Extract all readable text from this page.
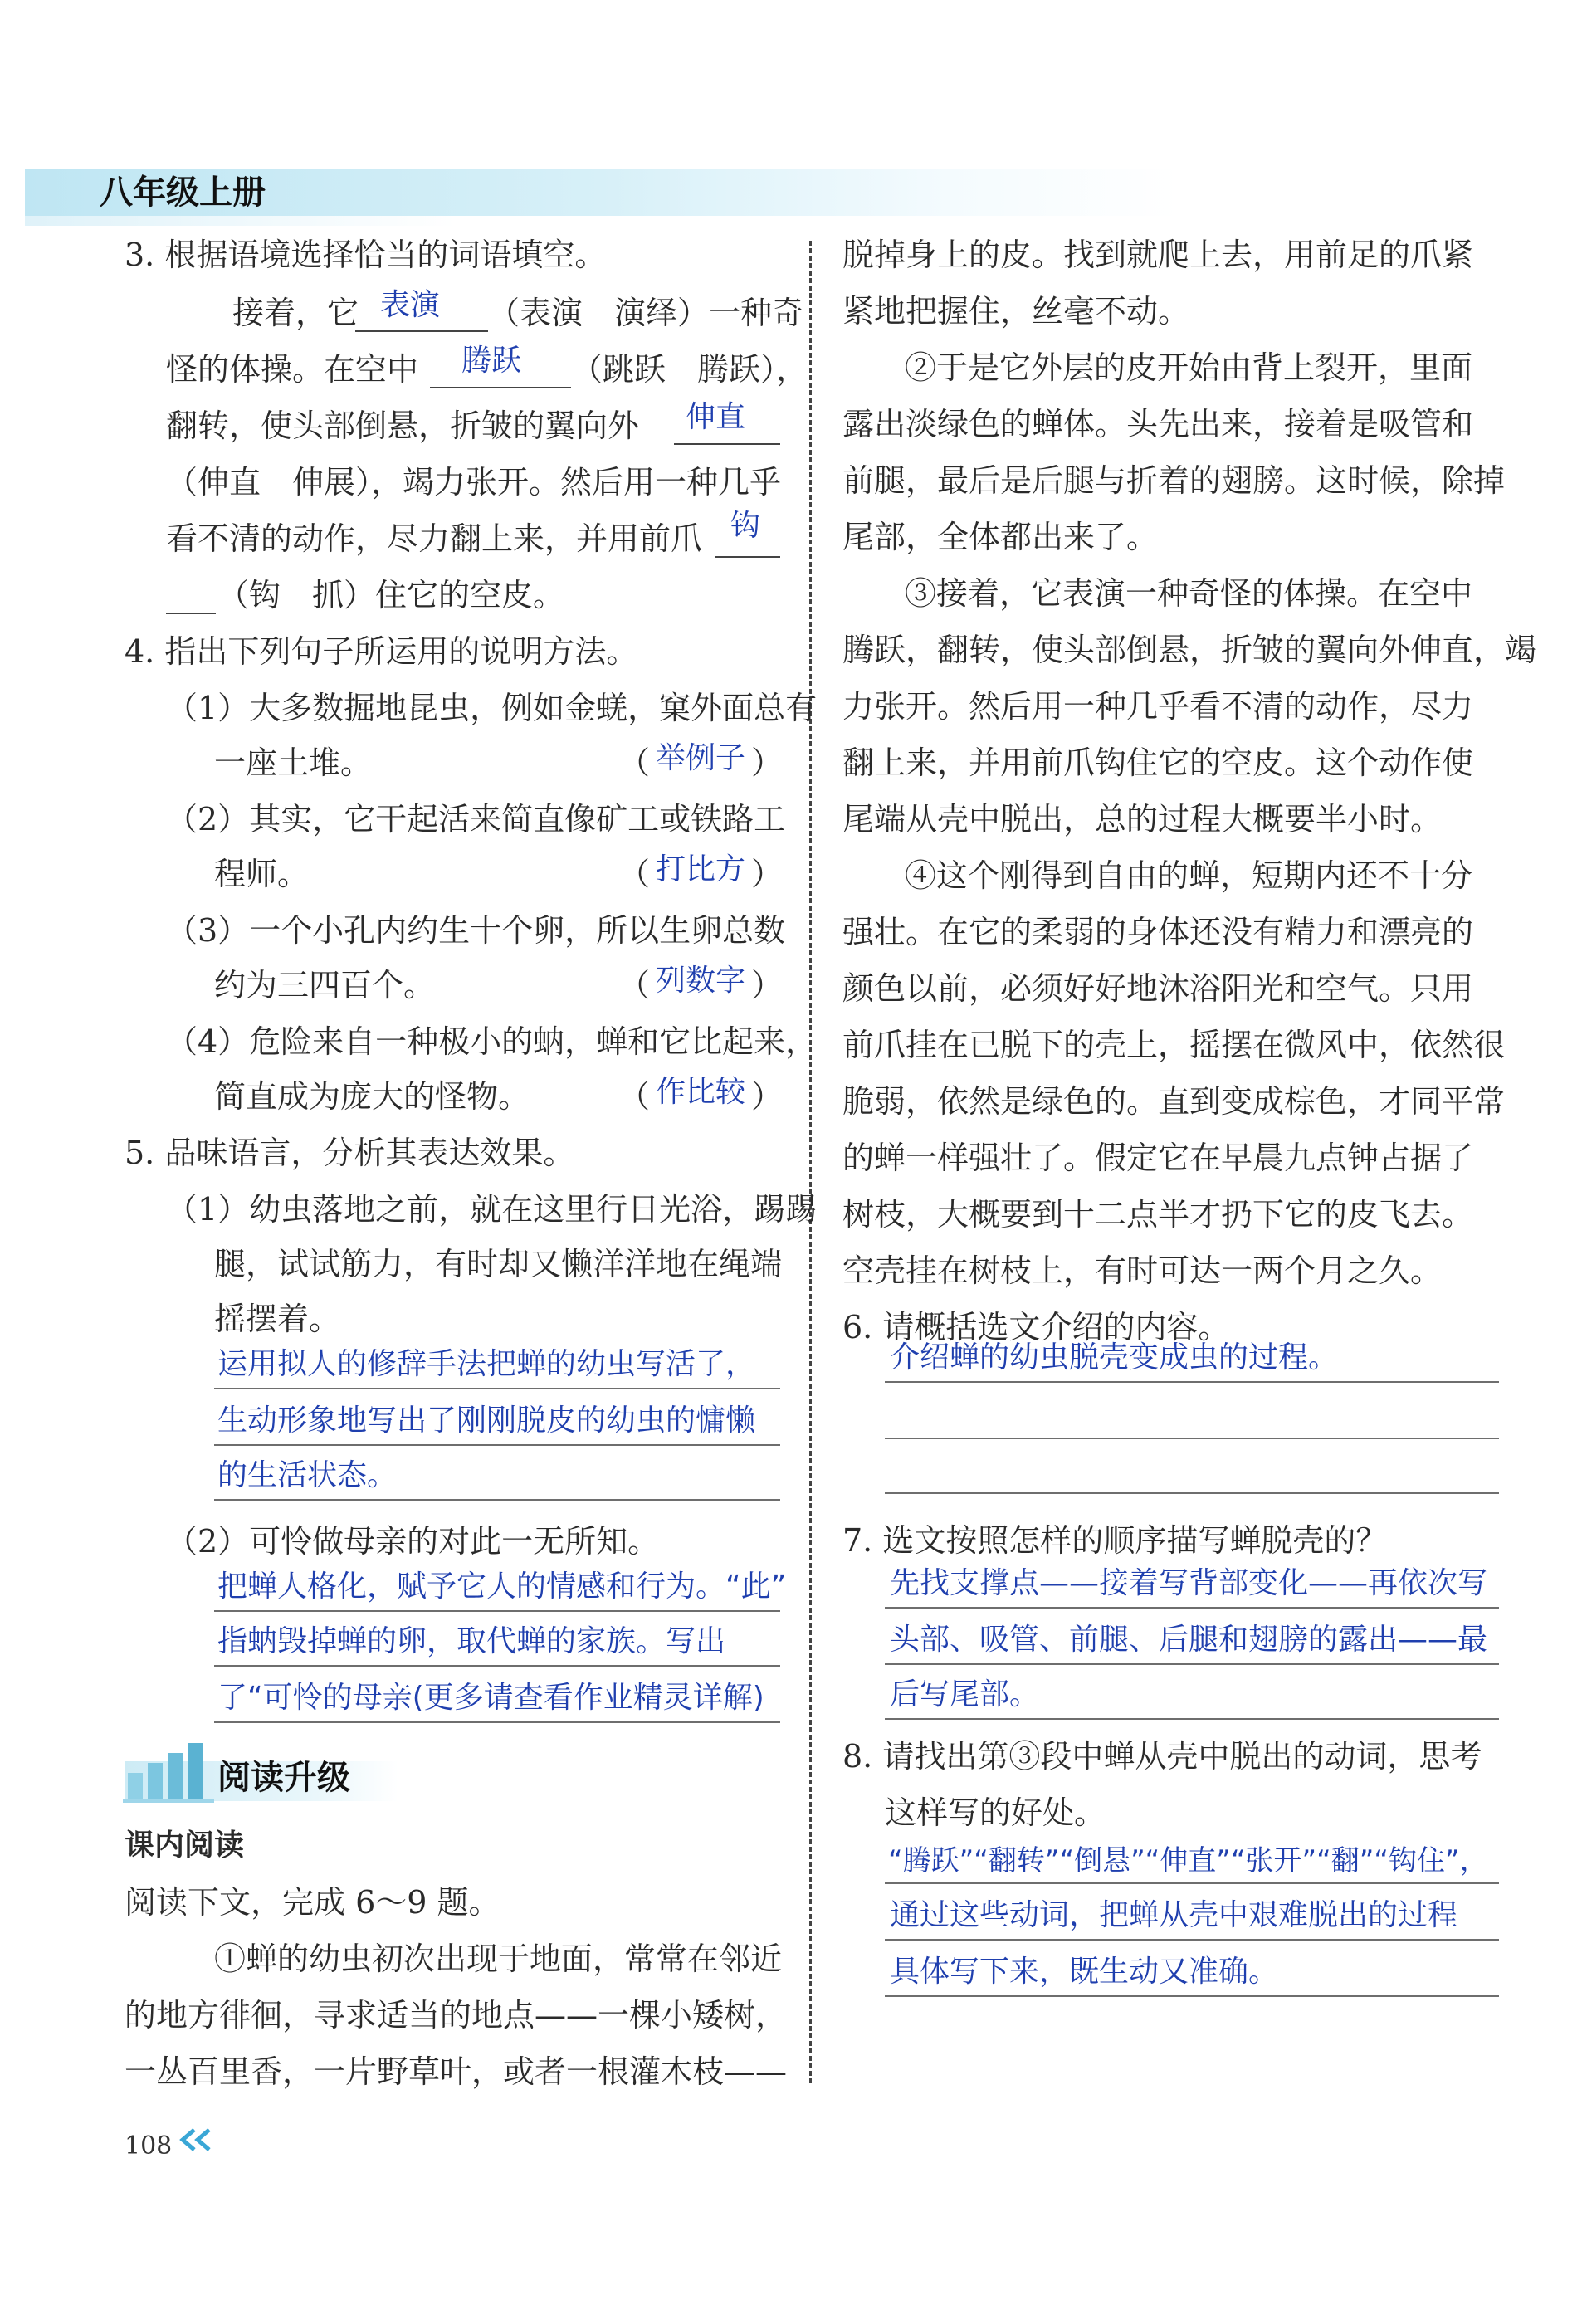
八年级上册
3. 根据语境选择恰当的词语填空。
接着，它 表演 （表演　演绎）一种奇
怪的体操。在空中 腾跃 （跳跃　腾跃），
翻转，使头部倒悬，折皱的翼向外 伸直
（伸直　伸展），竭力张开。然后用一种几乎
看不清的动作，尽力翻上来，并用前爪 钩
（钩　抓）住它的空皮。
4. 指出下列句子所运用的说明方法。
（1）大多数掘地昆虫，例如金蜣，窠外面总有
一座土堆。	（ 举例子 ）
（2）其实，它干起活来简直像矿工或铁路工
程师。	（ 打比方 ）
（3）一个小孔内约生十个卵，所以生卵总数
约为三四百个。	（ 列数字 ）
（4）危险来自一种极小的蚋，蝉和它比起来，
简直成为庞大的怪物。	（ 作比较 ）
5. 品味语言，分析其表达效果。
（1）幼虫落地之前，就在这里行日光浴，踢踢
腿，试试筋力，有时却又懒洋洋地在绳端
摇摆着。
运用拟人的修辞手法把蝉的幼虫写活了，
生动形象地写出了刚刚脱皮的幼虫的慵懒
的生活状态。
（2）可怜做母亲的对此一无所知。
把蝉人格化，赋予它人的情感和行为。“此”
指蚋毁掉蝉的卵，取代蝉的家族。写出
了“可怜的母亲(更多请查看作业精灵详解)
阅读升级
课内阅读
阅读下文，完成 6～9 题。
①蝉的幼虫初次出现于地面，常常在邻近
的地方徘徊，寻求适当的地点——一棵小矮树，
一丛百里香，一片野草叶，或者一根灌木枝——
108
脱掉身上的皮。找到就爬上去，用前足的爪紧
紧地把握住，丝毫不动。
②于是它外层的皮开始由背上裂开，里面
露出淡绿色的蝉体。头先出来，接着是吸管和
前腿，最后是后腿与折着的翅膀。这时候，除掉
尾部，全体都出来了。
③接着，它表演一种奇怪的体操。在空中
腾跃，翻转，使头部倒悬，折皱的翼向外伸直，竭
力张开。然后用一种几乎看不清的动作，尽力
翻上来，并用前爪钩住它的空皮。这个动作使
尾端从壳中脱出，总的过程大概要半小时。
④这个刚得到自由的蝉，短期内还不十分
强壮。在它的柔弱的身体还没有精力和漂亮的
颜色以前，必须好好地沐浴阳光和空气。只用
前爪挂在已脱下的壳上，摇摆在微风中，依然很
脆弱，依然是绿色的。直到变成棕色，才同平常
的蝉一样强壮了。假定它在早晨九点钟占据了
树枝，大概要到十二点半才扔下它的皮飞去。
空壳挂在树枝上，有时可达一两个月之久。
6. 请概括选文介绍的内容。
介绍蝉的幼虫脱壳变成虫的过程。
7. 选文按照怎样的顺序描写蝉脱壳的？
先找支撑点——接着写背部变化——再依次写
头部、吸管、前腿、后腿和翅膀的露出——最
后写尾部。
8. 请找出第③段中蝉从壳中脱出的动词，思考
这样写的好处。
“腾跃”“翻转”“倒悬”“伸直”“张开”“翻”“钩住”，
通过这些动词，把蝉从壳中艰难脱出的过程
具体写下来，既生动又准确。
